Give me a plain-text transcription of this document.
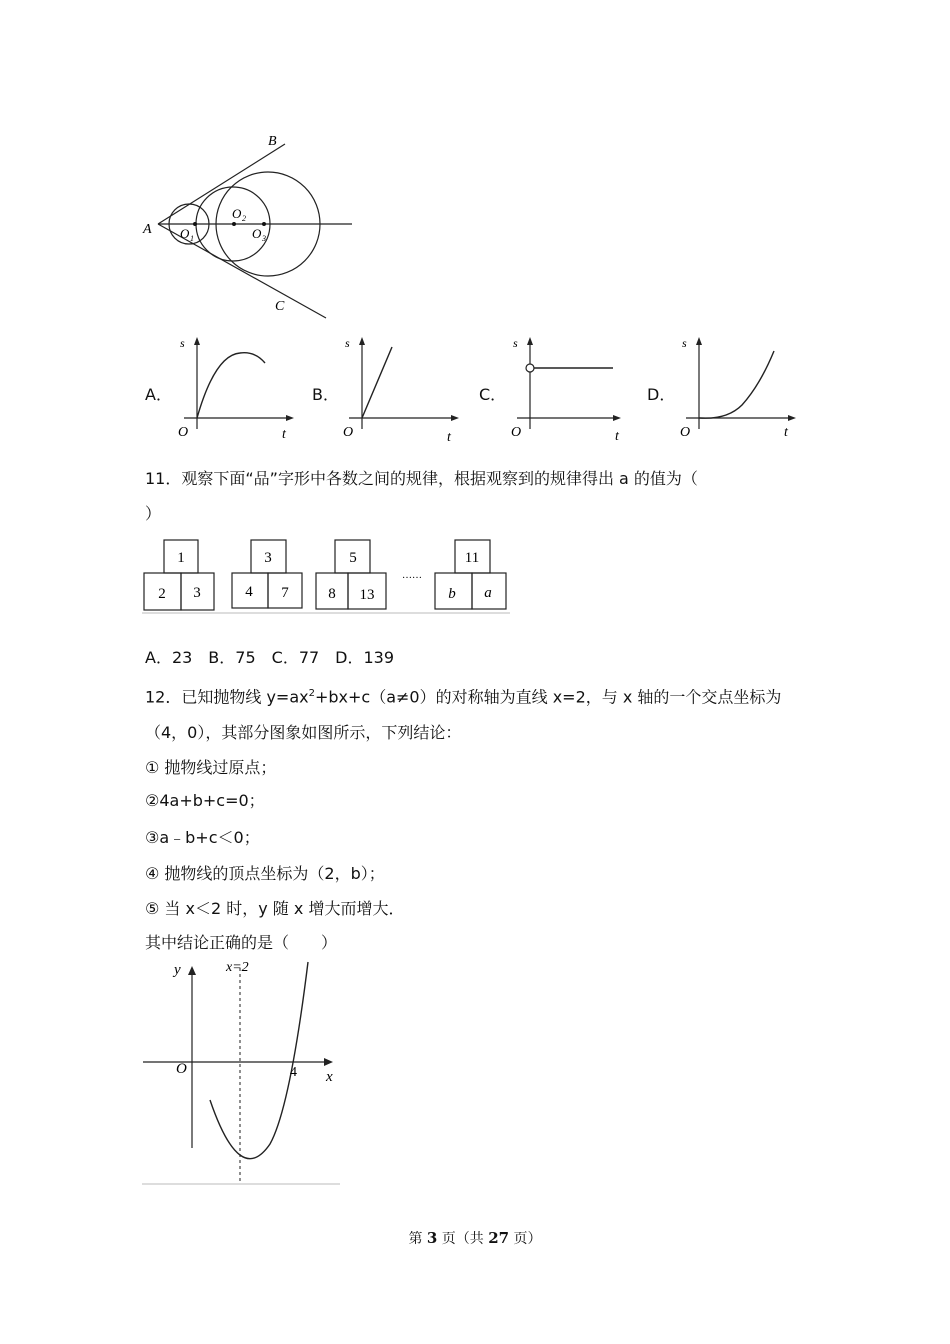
A
B
C
O 1
O 2
O 3
A．
s
O	t
B．
s
O	t
C．
s
O	t
D．
s
O	t
11．观察下面“品”字形中各数之间的规律，根据观察到的规律得出 a 的值为（
）
1
2 3
3
4 7
5
8 13
11
b a
……
A．23　B．75　C．77　D．139
12．已知抛物线 $y=ax^2+bx+c(a\ne 0)$的对称轴为直线 x=2，与 x 轴的一个交点坐标为
（4，0），其部分图象如图所示，下列结论：
① 抛物线过原点；
②4a+b+c=0；
③a﹣b+c＜0；
④ 抛物线的顶点坐标为（2，b）；
⑤ 当 x＜2 时，y 随 x 增大而增大．
其中结论正确的是（　　）
y
x
O
x=2
4
第 3 页（共 27 页）
